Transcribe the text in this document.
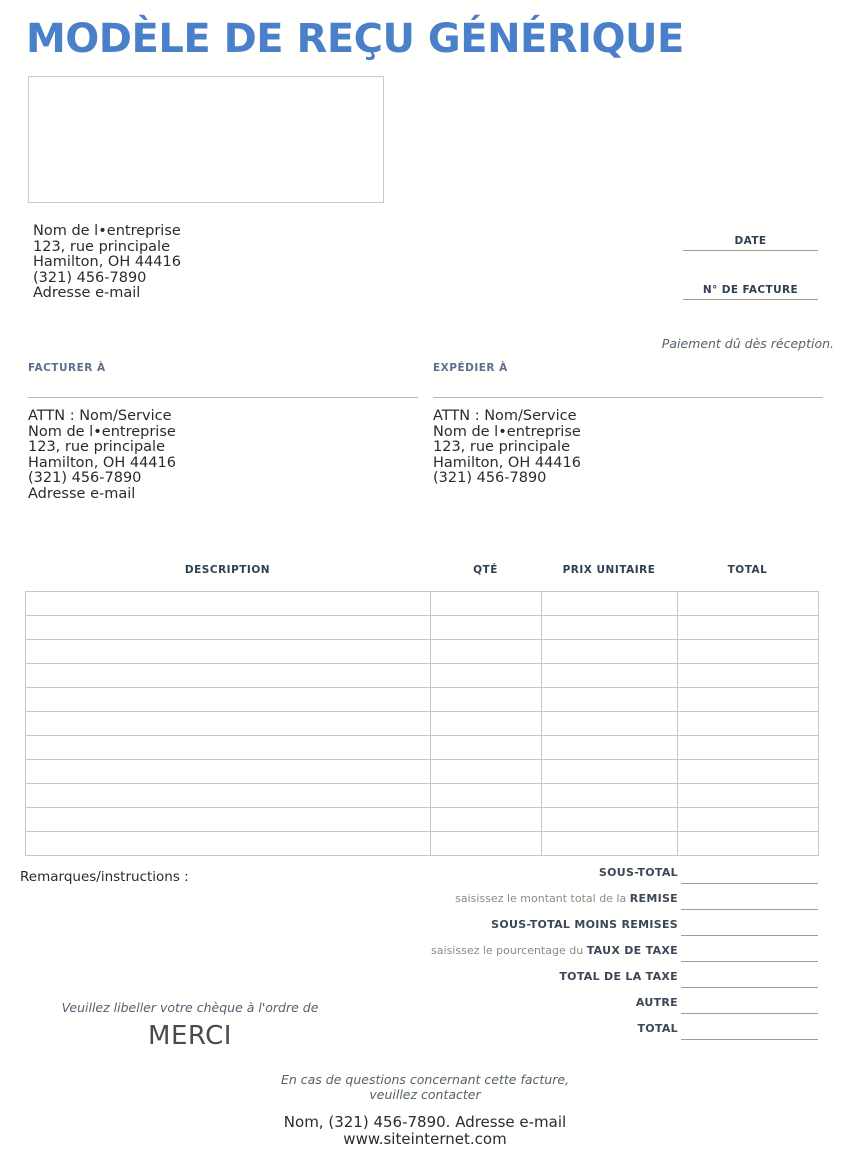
MODÈLE DE REÇU GÉNÉRIQUE
Nom de l•entreprise
123, rue principale
Hamilton, OH 44416
(321) 456-7890
Adresse e-mail
DATE
N° DE FACTURE
Paiement dû dès réception.
FACTURER À
ATTN : Nom/Service
Nom de l•entreprise
123, rue principale
Hamilton, OH 44416
(321) 456-7890
Adresse e-mail
EXPÉDIER À
ATTN : Nom/Service
Nom de l•entreprise
123, rue principale
Hamilton, OH 44416
(321) 456-7890
DESCRIPTION	QTÉ	PRIX UNITAIRE	TOTAL

Remarques/instructions :	SOUS-TOTAL
saisissez le montant total de la REMISE
SOUS-TOTAL MOINS REMISES
saisissez le pourcentage du TAUX DE TAXE
TOTAL DE LA TAXE
AUTRE
TOTAL
Veuillez libeller votre chèque à l'ordre de
MERCI
En cas de questions concernant cette facture,
veuillez contacter
Nom, (321) 456-7890. Adresse e-mail
www.siteinternet.com
